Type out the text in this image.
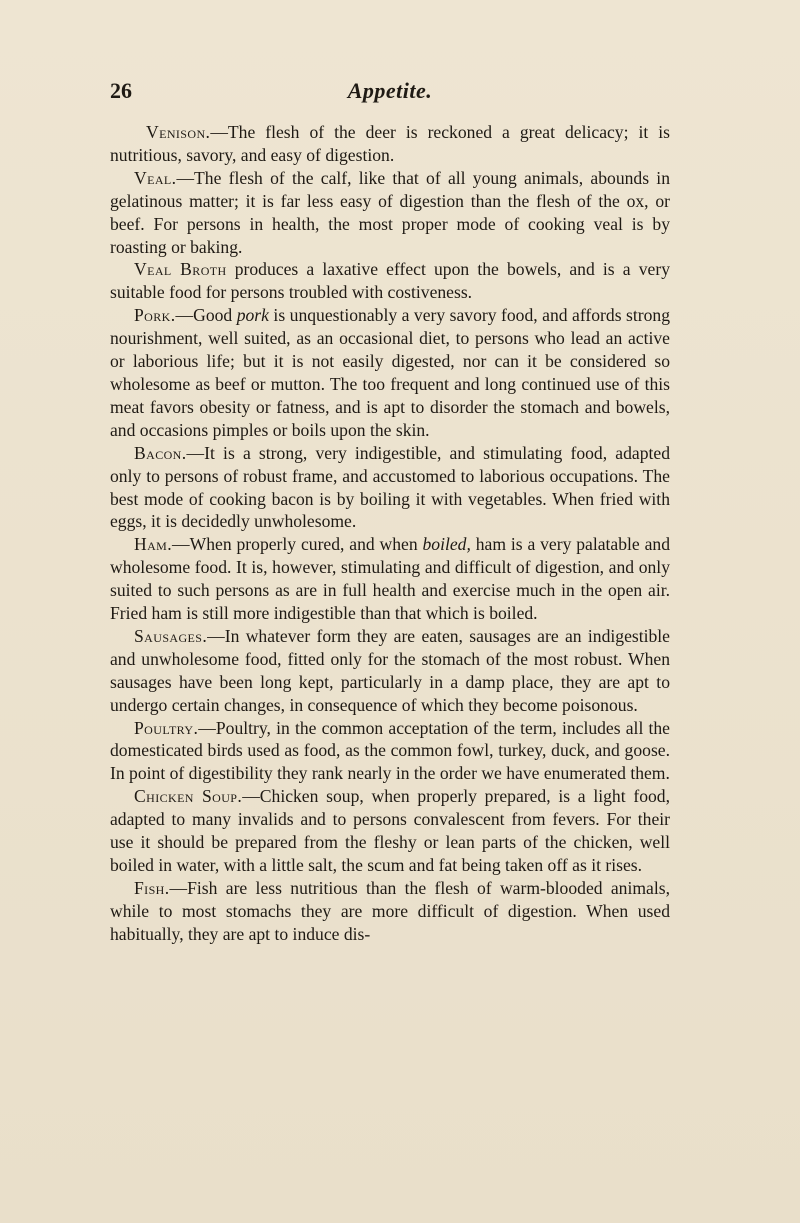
Appetite.
26

Venison.—The flesh of the deer is reckoned a great delicacy; it is nutritious, savory, and easy of digestion.

Veal.—The flesh of the calf, like that of all young animals, abounds in gelatinous matter; it is far less easy of digestion than the flesh of the ox, or beef. For persons in health, the most proper mode of cooking veal is by roasting or baking.

Veal Broth produces a laxative effect upon the bowels, and is a very suitable food for persons troubled with costiveness.

Pork.—Good pork is unquestionably a very savory food, and affords strong nourishment, well suited, as an occasional diet, to persons who lead an active or laborious life; but it is not easily digested, nor can it be considered so wholesome as beef or mutton. The too frequent and long continued use of this meat favors obesity or fatness, and is apt to disorder the stomach and bowels, and occasions pimples or boils upon the skin.

Bacon.—It is a strong, very indigestible, and stimulating food, adapted only to persons of robust frame, and accustomed to laborious occupations. The best mode of cooking bacon is by boiling it with vegetables. When fried with eggs, it is decidedly unwholesome.

Ham.—When properly cured, and when boiled, ham is a very palatable and wholesome food. It is, however, stimulating and difficult of digestion, and only suited to such persons as are in full health and exercise much in the open air. Fried ham is still more indigestible than that which is boiled.

Sausages.—In whatever form they are eaten, sausages are an indigestible and unwholesome food, fitted only for the stomach of the most robust. When sausages have been long kept, particularly in a damp place, they are apt to undergo certain changes, in consequence of which they become poisonous.

Poultry.—Poultry, in the common acceptation of the term, includes all the domesticated birds used as food, as the common fowl, turkey, duck, and goose. In point of digestibility they rank nearly in the order we have enumerated them.

Chicken Soup.—Chicken soup, when properly prepared, is a light food, adapted to many invalids and to persons convalescent from fevers. For their use it should be prepared from the fleshy or lean parts of the chicken, well boiled in water, with a little salt, the scum and fat being taken off as it rises.

Fish.—Fish are less nutritious than the flesh of warm-blooded animals, while to most stomachs they are more difficult of digestion. When used habitually, they are apt to induce dis-
